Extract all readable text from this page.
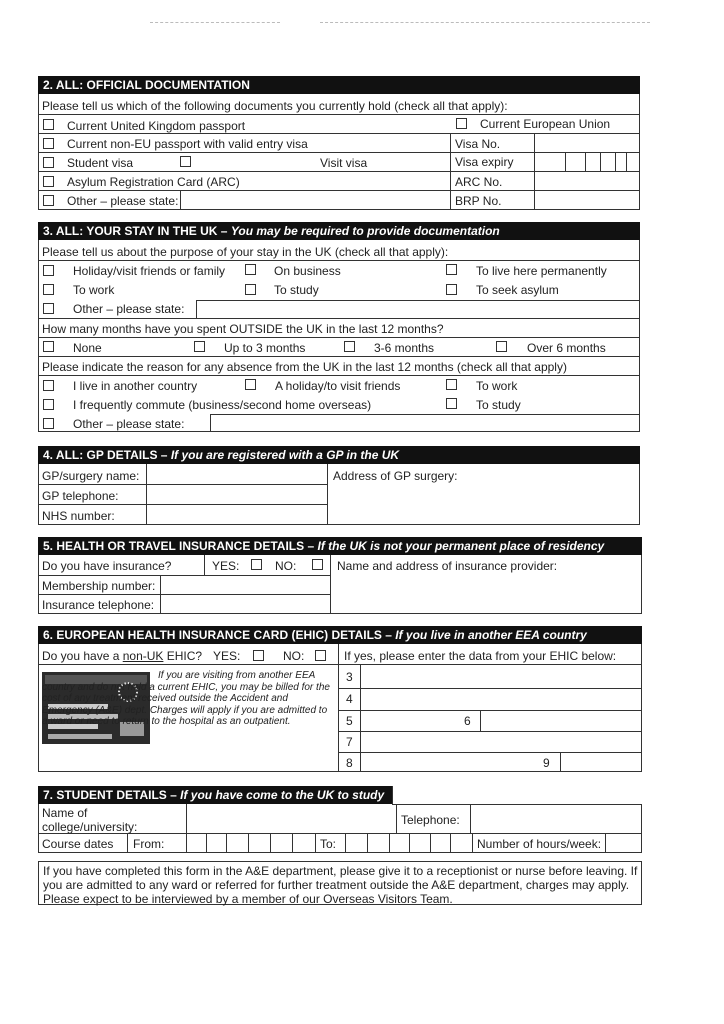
2. ALL: OFFICIAL DOCUMENTATION
Please tell us which of the following documents you currently hold (check all that apply):
Current United Kingdom passport	Current European Union
Current non-EU passport with valid entry visa	Visa No.
Student visa	Visit visa	Visa expiry
Asylum Registration Card (ARC)	ARC No.
Other – please state:	BRP No.
3. ALL: YOUR STAY IN THE UK – You may be required to provide documentation
Please tell us about the purpose of your stay in the UK (check all that apply):
Holiday/visit friends or family	On business	To live here permanently
To work	To study	To seek asylum
Other – please state:
How many months have you spent OUTSIDE the UK in the last 12 months?
None	Up to 3 months	3-6 months	Over 6 months
Please indicate the reason for any absence from the UK in the last 12 months (check all that apply)
I live in another country	A holiday/to visit friends	To work
I frequently commute (business/second home overseas)	To study
Other – please state:
4. ALL: GP DETAILS – If you are registered with a GP in the UK
GP/surgery name:
GP telephone:
NHS number:
Address of GP surgery:
5. HEALTH OR TRAVEL INSURANCE DETAILS – If the UK is not your permanent place of residency
Do you have insurance?	YES:	NO:	Name and address of insurance provider:
Membership number:
Insurance telephone:
6. EUROPEAN HEALTH INSURANCE CARD (EHIC) DETAILS – If you live in another EEA country
Do you have a non-UK EHIC? YES:	NO:	If yes, please enter the data from your EHIC below:
If you are visiting from another EEA country and do not hold a current EHIC, you may be billed for the cost of any treatment received outside the Accident and Emergency (A&E) dept. Charges will apply if you are admitted to a ward or need to return to the hospital as an outpatient.
3
4
5	6
7
8	9
7. STUDENT DETAILS – If you have come to the UK to study
Name of college/university:	Telephone:
Course dates From:	To:	Number of hours/week:
If you have completed this form in the A&E department, please give it to a receptionist or nurse before leaving. If you are admitted to any ward or referred for further treatment outside the A&E department, charges may apply. Please expect to be interviewed by a member of our Overseas Visitors Team.
